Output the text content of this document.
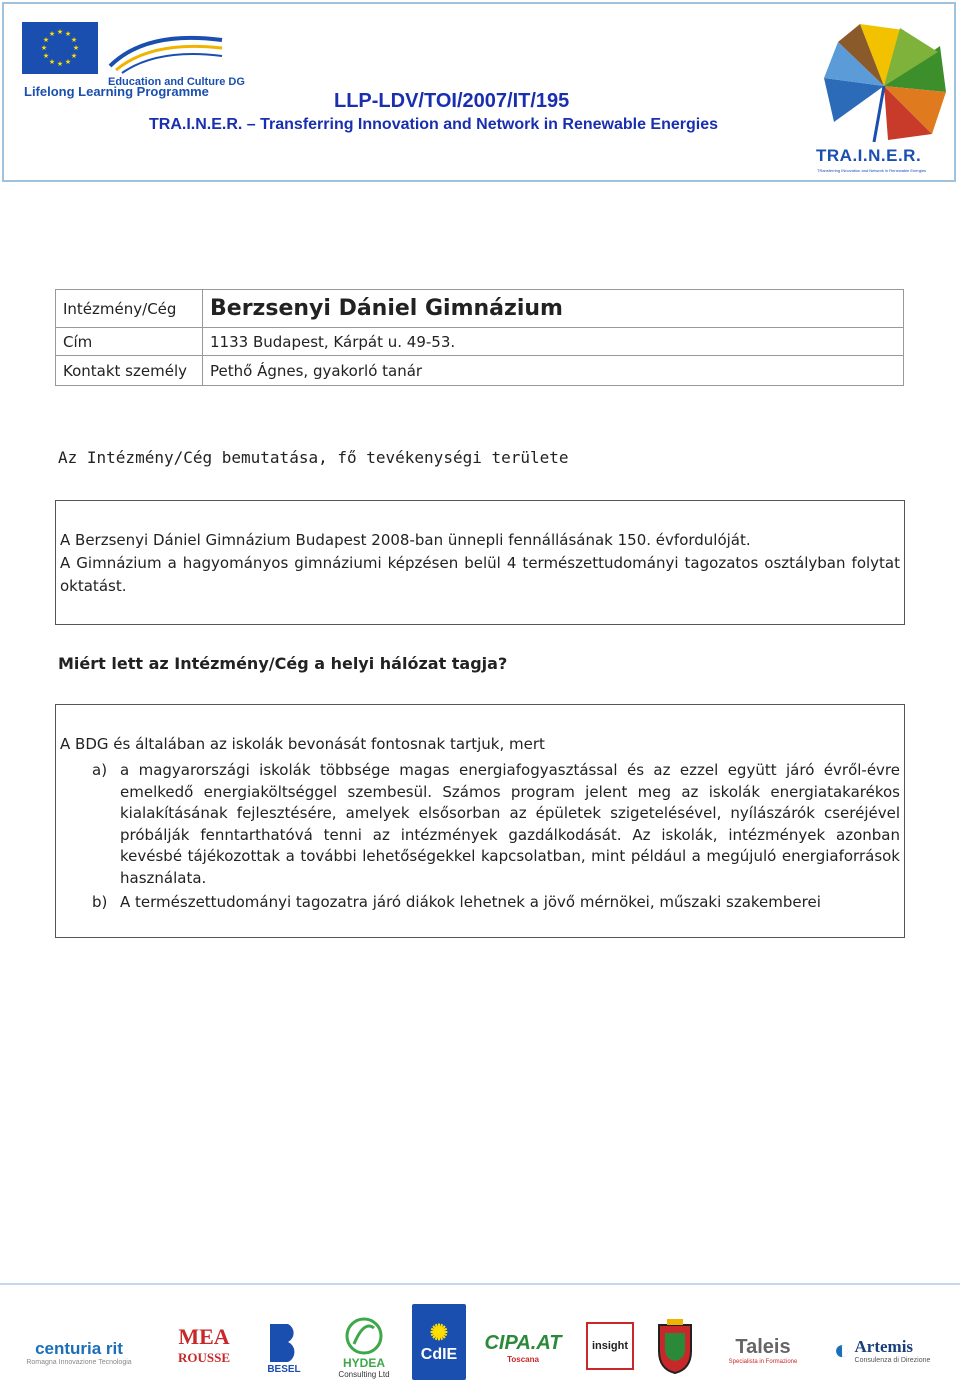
★ ★
★
★
★
★
★
★
★
★
★
★
Education and Culture DG
Lifelong Learning Programme	LLP-LDV/TOI/2007/IT/195
TRA.I.N.E.R. – Transferring Innovation and Network in Renewable Energies
TRA.I.N.E.R.
TRansferring INnovation and Network in Renewable Energies
Intézmény/Cég	Berzsenyi Dániel Gimnázium
Cím	1133 Budapest, Kárpát u. 49-53.
Kontakt személy	Pethő Ágnes, gyakorló tanár
Az Intézmény/Cég bemutatása, fő tevékenységi területe

A Berzsenyi Dániel Gimnázium Budapest 2008-ban ünnepli fennállásának 150. évfordulóját.

A Gimnázium a hagyományos gimnáziumi képzésen belül 4 természettudományi tagozatos osztályban folytat oktatást.

Miért lett az Intézmény/Cég a helyi hálózat tagja?

A BDG és általában az iskolák bevonását fontosnak tartjuk, mert

a) a magyarországi iskolák többsége magas energiafogyasztással és az ezzel együtt járó évről-évre emelkedő energiaköltséggel szembesül. Számos program jelent meg az iskolák energiatakarékos kialakításának fejlesztésére, amelyek elsősorban az épületek szigetelésével, nyílászárók cseréjével próbálják fenntarthatóvá tenni az intézmények gazdálkodását. Az iskolák, intézmények azonban kevésbé tájékozottak a további lehetőségekkel kapcsolatban, mint például a megújuló energiaforrások használata.
b) A természettudományi tagozatra járó diákok lehetnek a jövő mérnökei, műszaki szakemberei
centuria rit
Romagna Innovazione Tecnologia
MEA
ROUSSE
BESEL	HYDEA
Consulting Ltd
✺
CdIE
CIPA.AT
Toscana
insight	Taleis
Specialista in Formazione ◐ Artemis
Consulenza di Direzione
